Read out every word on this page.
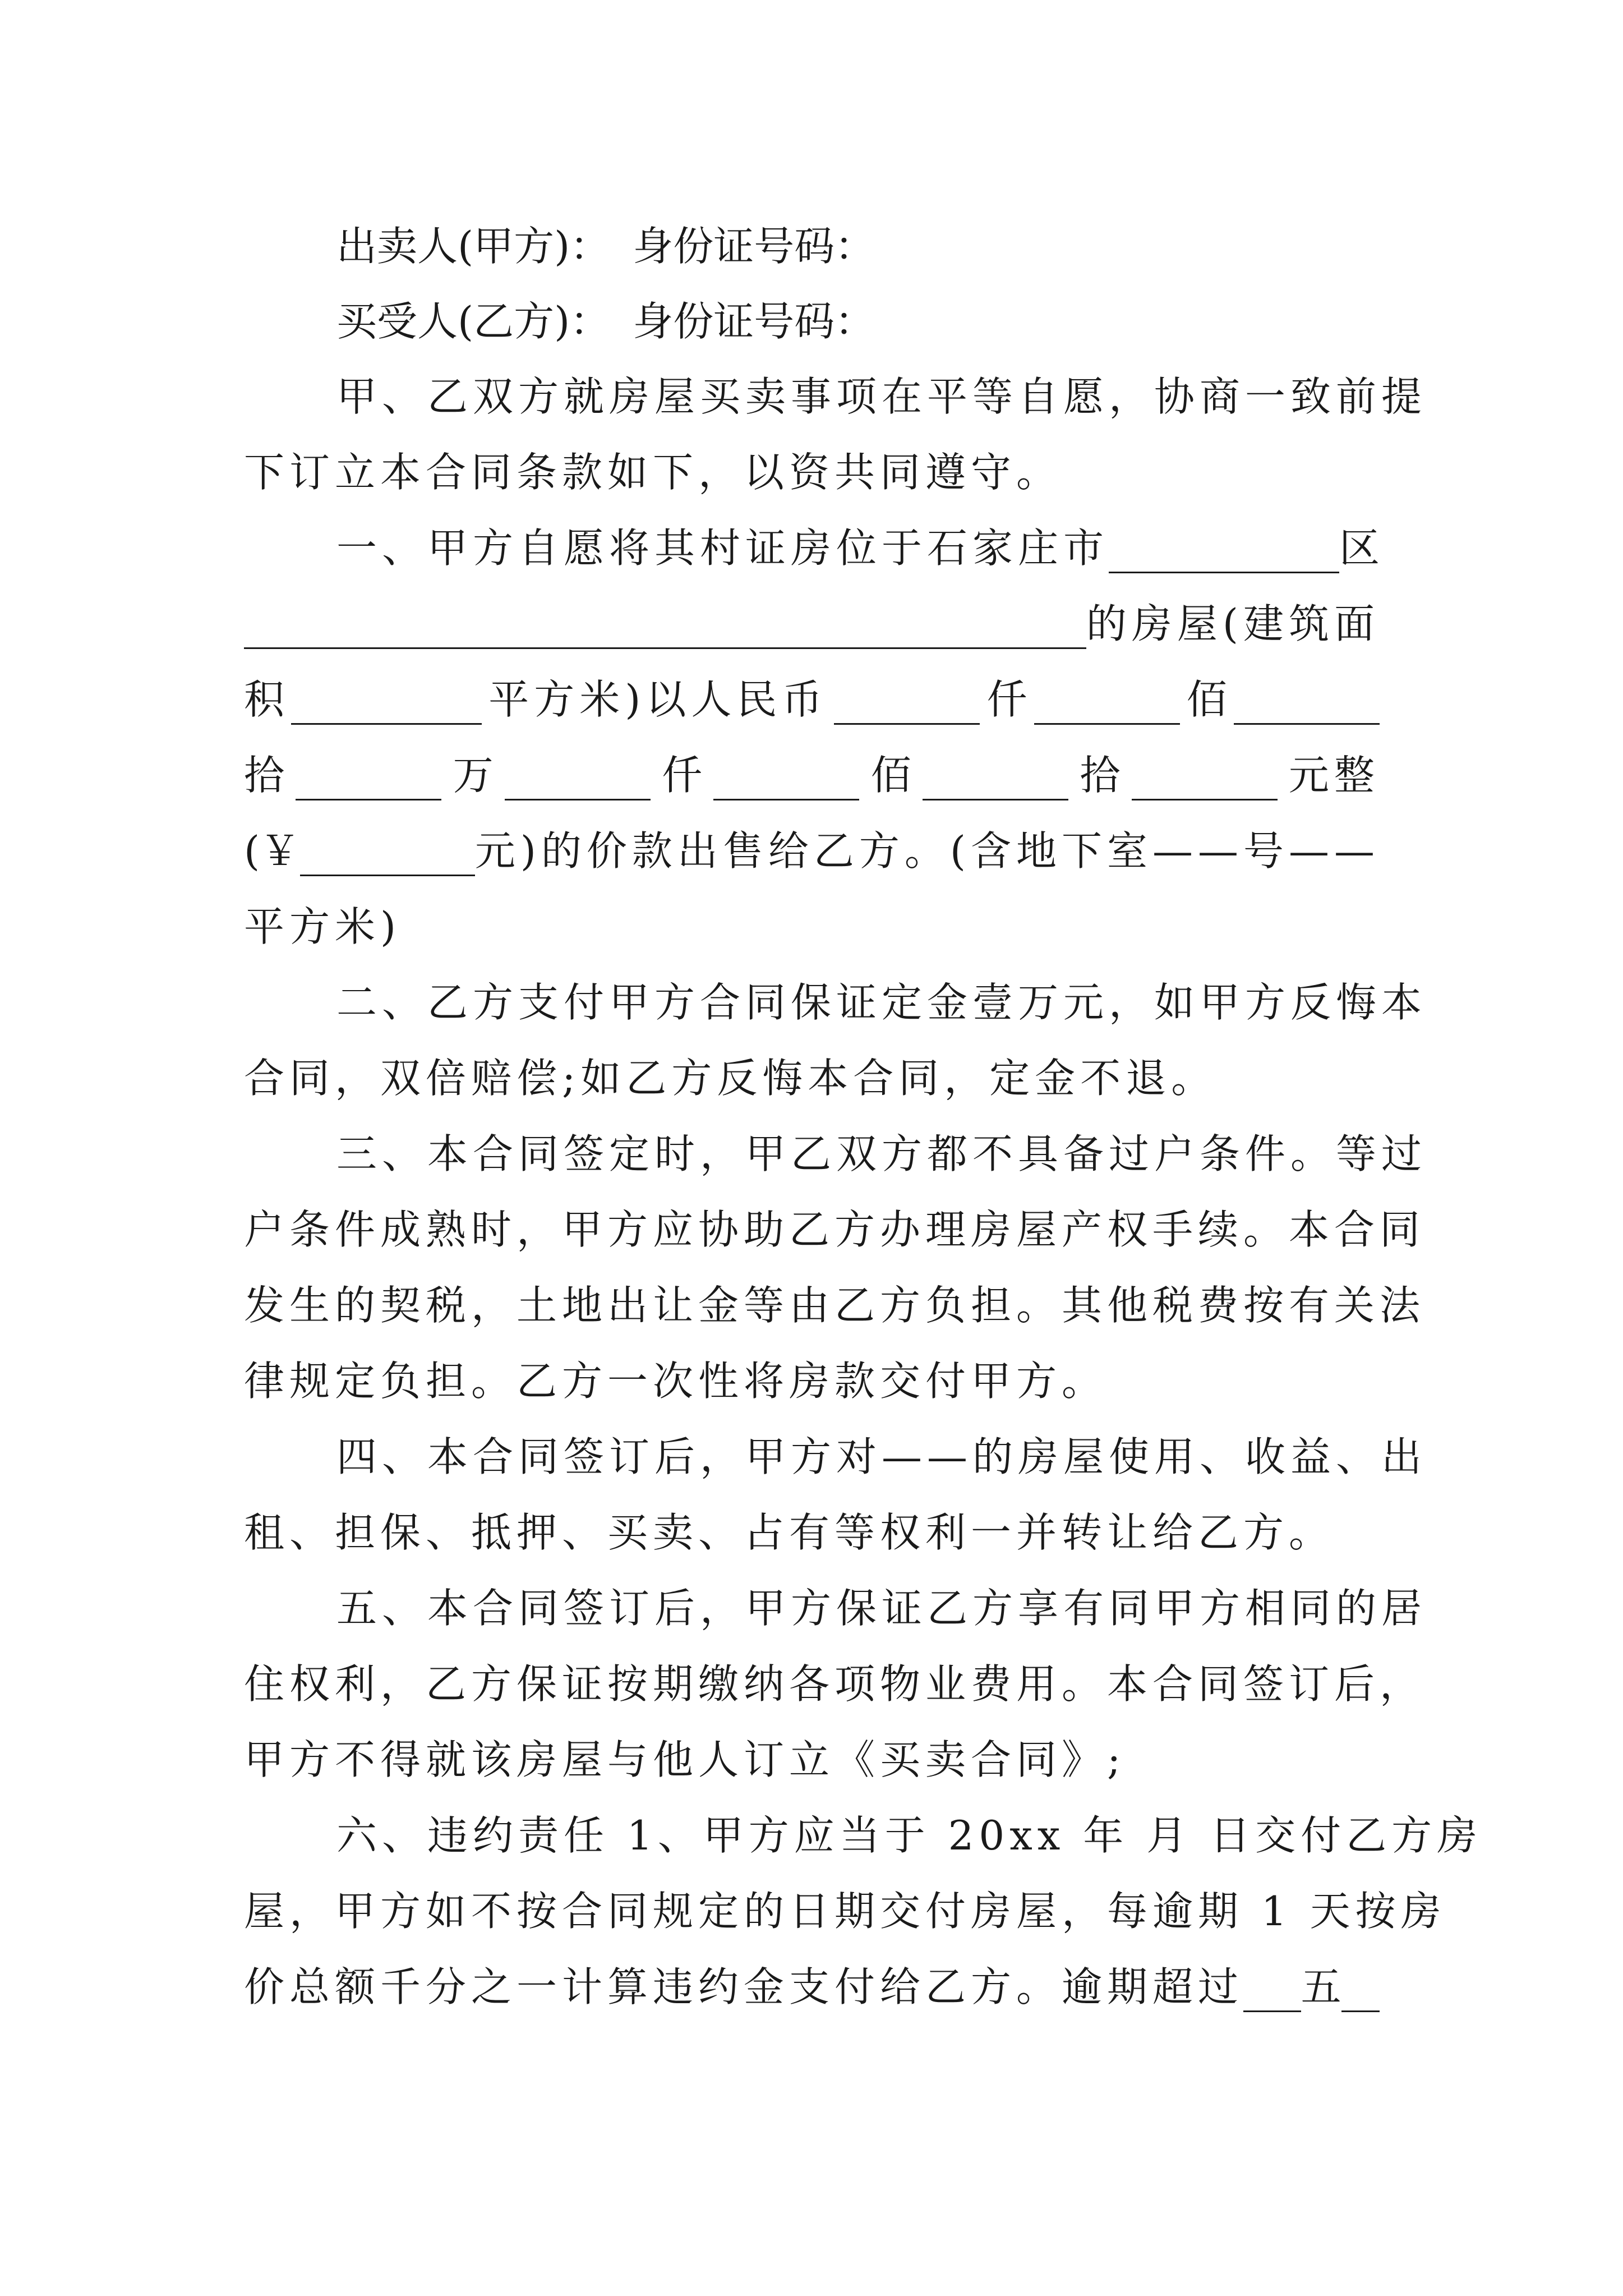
出卖人(甲方)： 身份证号码：
买受人(乙方)： 身份证号码：
甲、乙双方就房屋买卖事项在平等自愿，协商一致前提
下订立本合同条款如下，以资共同遵守。
一、甲方自愿将其村证房位于石家庄市	区
的房屋(建筑面
积	平方米)以人民币	仟	佰
拾	万	仟	佰	拾	元整
(￥	元)的价款出售给乙方。(含地下室——号——
平方米)
二、乙方支付甲方合同保证定金壹万元，如甲方反悔本
合同，双倍赔偿;如乙方反悔本合同，定金不退。
三、本合同签定时，甲乙双方都不具备过户条件。等过
户条件成熟时，甲方应协助乙方办理房屋产权手续。本合同
发生的契税，土地出让金等由乙方负担。其他税费按有关法
律规定负担。乙方一次性将房款交付甲方。
四、本合同签订后，甲方对——的房屋使用、收益、出
租、担保、抵押、买卖、占有等权利一并转让给乙方。
五、本合同签订后，甲方保证乙方享有同甲方相同的居
住权利，乙方保证按期缴纳各项物业费用。本合同签订后，
甲方不得就该房屋与他人订立《买卖合同》;
六、违约责任 1、甲方应当于 20xx 年 月 日交付乙方房
屋，甲方如不按合同规定的日期交付房屋，每逾期 1 天按房
价总额千分之一计算违约金支付给乙方。逾期超过 五
